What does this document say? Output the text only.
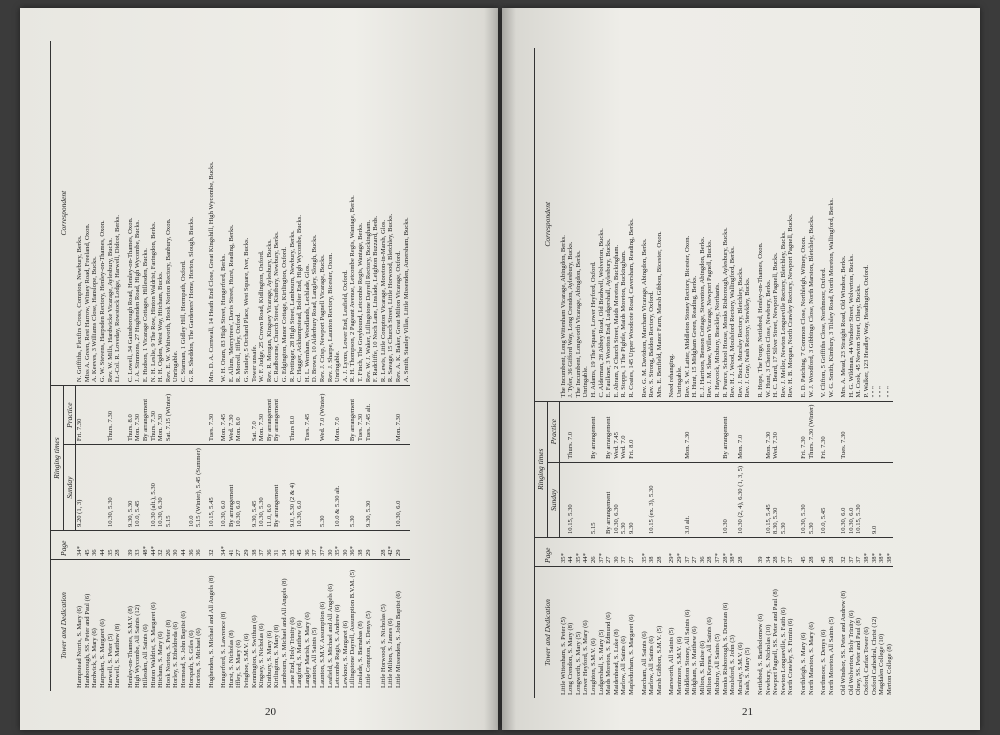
Tower and Dedication	Page	Ringing times		Correspondent
		Sunday	Practice	
Hampstead Norris, S. Mary (6)	34*	9.20 (1, 3)	Fri. 7.30	N. Griffiths, Flexfirs Cross, Compton, Newbury, Berks.
Hanborough, SS. Peter and Paul (6)	45			Miss A. Green, Rest Harrow, Witney Road, Freeland, Oxon.
Hardwick, S. Mary (6)	36			A. Keeves, 3 Williams Close, Hanslope, Bucks.
Harpsden, S. Margaret (6)	44			G. W. Stevens, Harpsden Rectory, Henley-on-Thames, Oxon.
Harwell, S. Peter (5)	35	10.30, 5.30	Thurs. 7.30	Rev. W. Mills, Hardwicke Vicarage, Aylesbury, Bucks.
Harwell, S. Matthew (8)	28			Lt.-Col. R. Loveday, Rowstock Lodge, Harwell, Didcot, Berks.

Henley-on-Thames, S.M.V. (8)	39	9.30, 5.30	Thurs. 8.0	C. Lowell, 34 Gainsborough Road, Henley-on-Thames, Oxon.
High Wycombe, All Saints (12)	33	10.0, 5.45	Mon. 7.30	J. A. Simmons, 27 Hughenden Road, High Wycombe, Bucks.
Hillesden, All Saints (6)	48*		By arrangement	E. Hudson, 1 Vicarage Cottages, Hillesden, Bucks.
Hinton Waldrist, S. Margaret (6)	44*	10.30 (alt.), 5.30	Thurs. 7.30	N. H. Leslie, 9 The Row, Hinton Waldrist, Faringdon, Berks.
Hitcham, S. Mary (6)	32	10.30, 6.30	Mon. 7.30	H. H. Ogden, West Way, Hitcham, Bucks.
Hook Norton, S. Peter (8)	26	5.15	Sat. 7.15 (Winter)	Rev. E. W. Whitworth, Hook Norton Rectory, Banbury, Oxon.
Horley, S. Etheldreda (6)	30			Unringable.
Hormead, S. John Baptist (6)	44			C. Starman, 1 Gidley Hill, Hormpath, Oxford.
Horspath, S. Giles (6)	36	10.0		G. R. Sheddon, The Gardeners' Home, Horton, Slough, Bucks.
Horton, S. Michael (6)	36	5.15 (Winter), 5.45 (Summer)		

Hughenden, S. Michael and All Angels (8)	32	10.15, 5.45	Tues. 7.30	Mrs. D. A. Cornwall, 14 Heath End Close, Great Kingshill, High Wycombe, Bucks.

Hungerford, S. Lawrence (8)	34*	10.30, 6.0	Mon. 7.45	W. H. Oram, 83 High Street, Hungerford, Berks.
Hurst, S. Nicholas (8)	41	By arrangement	Wed. 7.30	E. Allum, 'Merrytrees', Davis Street, Hurst, Reading, Berks.
Iffley, S. Mary (6)	27	10.30, 6.0	Mon. 8.0	R. Morrell, Iffley, Oxford.
Ivinghoe, S.M.V. (6)	29			G. Stanley, 5 Orchard Place, West Square, Iver, Bucks.
Kennington, S. Swithun (6)	38	9.30, 5.45	Sat. 7.0	Tower unsafe.
Kingsey, S. Nicholas (6)	37	10.30, 5.30	Mon. 7.30	W. F. Judge, 25 Crown Road, Kidlington, Oxford.
Kintbury, S. Mary (6)	36	11.0, 6.0	By arrangement	Rev. R. Morgan, Kingsey Vicarage, Aylesbury, Bucks.
Kirtlington, S. Mary (8)	31	By arrangement	By arrangement	C. Radbourne, Church Street, Kintbury, Newbury, Berks.
Lambourn, S. Michael and All Angels (8)	34			G. Edgington, Manor Cottage, Kirtlington, Oxford.
Lane End, Holy Trinity (6)	35	9.0, 5.30 (2 & 4)	Thurs 8.0	R. Pottinger, 28 High Street, Lambourn, Newbury, Berks.
Langford, S. Matthew (6)	45	10.30, 6.0		C. Hagger, Ackhampstead, Bolter End, High Wycombe, Bucks.
Langley Marish, S. Mary (6)	36		Tues. 7.45	H. L. Wernham, Woodlands, Lechlade, Glos.
Launton, All Saints (5)	37			D. Brown, 10 Alderbury Road, Langley, Slough, Bucks.
Launton, S.M.V. Assumption (6)	37*	5.30	Wed. 7.0 (Winter)	Rev. J. Crisp, Newport Pagnell Vicarage, Bucks.
Leafield, S. Michael and All Angels (6)	30			Rev. J. Sharpe, Launton Rectory, Bicester, Oxon.
Letcombe Regis, S. Andrew (6)	35*	10.0 & 5.30 alt.	Mon. 7.0	Unringable.
Lewknor, S. Margaret (6)	30			A. J. Lyons, Lower End, Leafield, Oxford.
Lillingstone Dayrell, Assumption B.V.M. (5)	36*	5.30	By arrangement	R. H. Thompson, 2 Pageant Avenue, Letcombe Regis, Wantage, Berks.
Linslade, S. Barnabas (8)	38		Tues. 7.30	T. Finch, The Greyhound, Letcombe Regis, Wantage, Berks.
Little Compton, S. Denys (5)	29	9.30, 5.30	Tues. 7.45 alt.	Rev. W. J. Waker, Lillingstone Dayrell Rectory, Buckingham.
				F. Radcliffe, 10 Noch Lane, Linslade, Leighton Buzzard, Beds.
Little Horwood, S. Nicholas (5)	28			R. Lewis, Little Compton Vicarage, Moreton-in-Marsh, Glos.
Little Milton, S. James (6)	42*			R. Savage, 15 Church Street, Little Horwood, Bletchley, Bucks.
Little Missenden, S. John Baptist (6)	29	10.30, 6.0	Mon. 7.30	Rev. A. K. Baker, Great Milton Vicarage, Oxford.
				A. Smith, Stanley Villas, Little Missenden, Amersham, Bucks.
20
Tower and Dedication	Page	Ringing times		Correspondent
		Sunday	Practice	
Little Wittenham, S. Peter (5)	35*			The Incumbent, Long Wittenham Vicarage, Abingdon, Berks.
Long Crendon, S. Mary (8)	44	10.15, 5.30	Thurs. 7.0	J. Tyler, 36 Gifford Way, Long Crendon, Aylesbury, Bucks.
Longworth, S. Mary (5)	35*			The Incumbent, Longworth Vicarage, Abingdon, Berks.
Lower Heyford, S. Mary (6)	44*			Unringable.
Loughton, S.M.V. (6)	26	5.15	By arrangement	H. Adams, 19 The Square, Lower Heyford, Oxford.
Ludgershall, S. Mary (5)	37*			C. Alderman, 28 Abbey Road, Old Bradwell, Wolverton, Bucks.
Maids Moreton, S. Edmund (6)	27	By arrangement	By arrangement	E. Faulkner, 3 Wootton End, Ludgershall, Aylesbury, Bucks.
Maidenhead, S. Luke (8)	30	10.30, 6.30	Wed. 7.45	E. Abram, 2 Church Street, Maids Moreton, Buckingham.
Marlow, All Saints (6)	37	5.30	Wed. 7.0	R. Stopps, 1 The Pightle, Maids Moreton, Buckingham.
Mapledurham, S. Margaret (6)	27	9.30	Fri. 8.0	R. Coates, 145 Upper Woodcote Road, Caversham, Reading, Berks.

Marcham, All Saints (6)	35*			Rev. G. M. Davidson, Marcham Vicarage, Abingdon, Berks.
Marlow, All Saints (6)	38	10.15 (ex. 3), 5.30		Rev. S. Strong, Baldon Rectory, Oxford.
Marsh Gibbon, S.M.V. (5)	28			Mrs. E. Benfield, Manor Farm, Marsh Gibbon, Bicester, Oxon.

Marsworth, All Saints (5)	29*			Need rehanging.
Mentmore, S.M.V. (6)	29*			Unringable.
Middleton Stoney, All Saints (6)	37	3.0 alt.	Mon. 7.30	Rev. S. W. Latter, Middleton Stoney Rectory, Bicester, Oxon.
Midgham, S. Matthew (6)	27			H. Hunt, 15 Midgham Green, Reading, Berks.
Milton, S. Blaise (6)	36			E. J. Harrison, Benson Cottage, Steventon, Abingdon, Berks.
Milton Keynes, All Saints (6)	28			Rev. J. M. Shaw, Willen Vicarage, Newport Pagnell, Bucks.
Mixbury, All Saints (5)	37*			R. Haycock, Mixbury, Brackley, Northants.
Monks Risborough, S. Dunstan (6)	28*	10.30	By arrangement	R. Pearce, School House, Monks Risborough, Aylesbury, Bucks.
Moulsford, S. John (3)	38*			Rev. H. J. Wood, Moulsford Rectory, Wallingford, Berks.
Mursley, S.M.V. (6)	28	10.30 (2, 4), 6.30 (1, 3, 5)	Mon. 7.0	Rev. J. Buck, Mursley Rectory, Bletchley, Bucks.
Nash, S. Mary (5)				Rev. J. Gray, Nash Rectory, Stewkley, Bucks.

Nettlebed, S. Bartholomew (6)	39			R. Hope, The Forge, Nettlebed, Henley-on-Thames, Oxon.
Newbury, S. Nicholas (10)	34	10.15, 5.45	Mon. 7.30	W. Hunt, 3 Cheriton Close, Newbury, Berks.
Newport Pagnell, SS. Peter and Paul (8)	28	8.30, 5.30	Wed. 7.30	H. C. Beard, 17 Silver Street, Newport Pagnell, Bucks.
Newton Longueville, S. Faith (6)	37	5.30		Rev. J. Mellor, Newton Longueville Rectory, Bletchley, Bucks.
North Crawley, S. Firmin (6)	37			Rev. H. B. Morgan, North Crawley Rectory, Newport Pagnell, Bucks.

Northleigh, S. Mary (6)	45	10.30, 5.30	Fri. 7.30	E. D. Patching, 7 Common Close, Northleigh, Witney, Oxon.
North Marston, S. Mary (6)	28	5.30	Thurs. 7.30 (Winter)	W. J. Woodford, 3 Gibbings Close, North Marston, Bletchley, Bucks.

Northmoor, S. Denys (6)	45	10.0, 5.45	Fri. 7.30	V. Clifton, 5 Griffiths Close, Northmoor, Oxford.
North Moreton, All Saints (5)	28			W. G. Smith, Kimbury, 3 Tilsley Road, North Moreton, Wallingford, Berks.

Old Windsor, SS. Peter and Andrew (8)	32	10.30, 6.0	Tues. 7.30	Mrs. A. Mead, 23 Straight Road, Old Windsor, Berks.
Old Wolverton, Holy Trinity (6)	37	10.30, 6.0		H. G. Wildman, 44 Windsor Street, Wolverton, Bucks.
Olney, SS. Peter and Paul (8)	37	10.15, 5.30		M. Cook, 45 Newton Street, Olney, Bucks.
Oxford, Carfax Tower (6)	38*			P. Walker, 123 Headley Way, Headington, Oxford.
Oxford Cathedral, Christ (12)	38*	9.0		" " "
Magdalen College (10)	38*			" " "
Merton College (8)	38*			" " "
21
